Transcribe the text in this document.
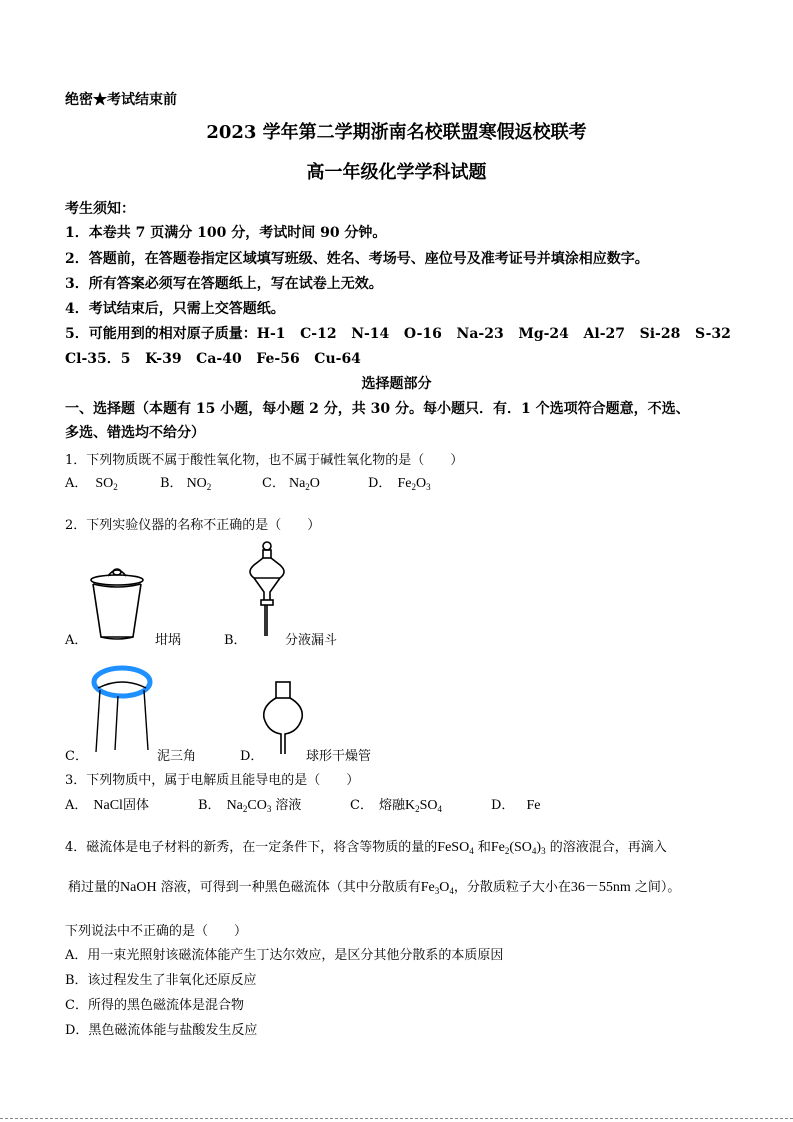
绝密★考试结束前
2023 学年第二学期浙南名校联盟寒假返校联考
高一年级化学学科试题
考生须知：
1．本卷共 7 页满分 100 分，考试时间 90 分钟。
2．答题前，在答题卷指定区域填写班级、姓名、考场号、座位号及准考证号并填涂相应数字。
3．所有答案必须写在答题纸上，写在试卷上无效。
4．考试结束后，只需上交答题纸。
5．可能用到的相对原子质量：H-1   C-12   N-14   O-16   Na-23   Mg-24   Al-27   Si-28   S-32
Cl-35．5   K-39   Ca-40   Fe-56   Cu-64
选择题部分
一、选择题（本题有 15 小题，每小题 2 分，共 30 分。每小题只．有．1 个选项符合题意，不选、
多选、错选均不给分）
1．下列物质既不属于酸性氧化物，也不属于碱性氧化物的是（　　）
A． $SO_2$	B． $NO_2$	C． $Na_2O$	D． $Fe_2O_3$
2．下列实验仪器的名称不正确的是（　　）
A．	坩埚	B．	分液漏斗
C．	泥三角	D．	球形干燥管
3．下列物质中，属于电解质且能导电的是（　　）
A． NaCl固体	B． $Na_2CO_3$ 溶液	C． 熔融$K_2SO_4$	D． Fe
4．磁流体是电子材料的新秀，在一定条件下，将含等物质的量的FeSO$_4$ 和$Fe_2(SO_4)_3$ 的溶液混合，再滴入
稍过量的NaOH 溶液，可得到一种黑色磁流体（其中分散质有$Fe_3O_4$，分散质粒子大小在36－55nm 之间）。
下列说法中不正确的是（　　）
A．用一束光照射该磁流体能产生丁达尔效应，是区分其他分散系的本质原因
B．该过程发生了非氧化还原反应
C．所得的黑色磁流体是混合物
D．黑色磁流体能与盐酸发生反应
